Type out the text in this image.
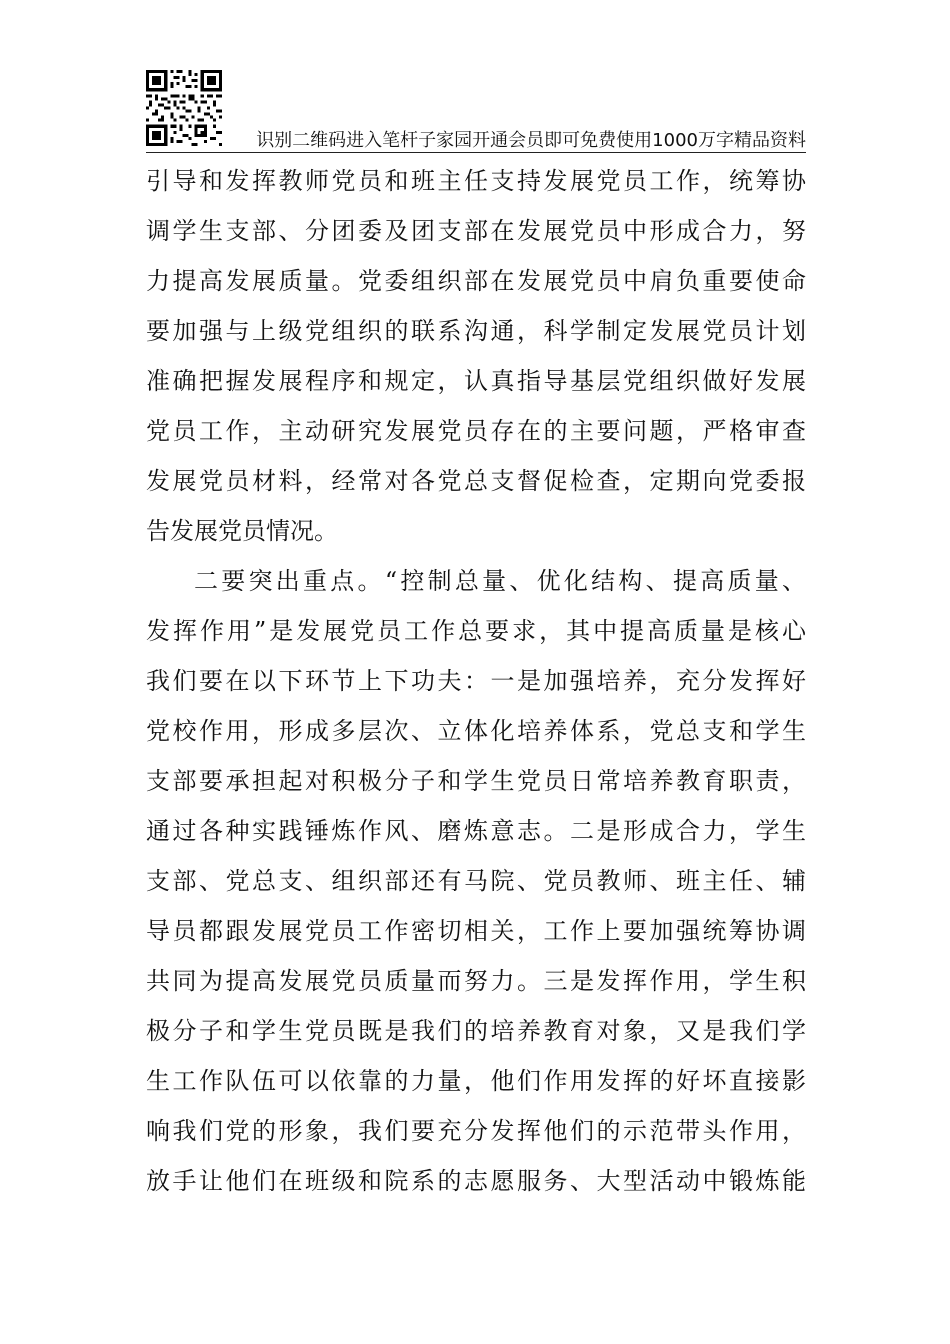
识别二维码进入笔杆子家园开通会员即可免费使用1000万字精品资料
引导和发挥教师党员和班主任支持发展党员工作，统筹协
调学生支部、分团委及团支部在发展党员中形成合力，努
力提高发展质量。党委组织部在发展党员中肩负重要使命
要加强与上级党组织的联系沟通，科学制定发展党员计划
准确把握发展程序和规定，认真指导基层党组织做好发展
党员工作，主动研究发展党员存在的主要问题，严格审查
发展党员材料，经常对各党总支督促检查，定期向党委报
告发展党员情况。
二要突出重点。“控制总量、优化结构、提高质量、
发挥作用”是发展党员工作总要求，其中提高质量是核心
我们要在以下环节上下功夫：一是加强培养，充分发挥好
党校作用，形成多层次、立体化培养体系，党总支和学生
支部要承担起对积极分子和学生党员日常培养教育职责，
通过各种实践锤炼作风、磨炼意志。二是形成合力，学生
支部、党总支、组织部还有马院、党员教师、班主任、辅
导员都跟发展党员工作密切相关，工作上要加强统筹协调
共同为提高发展党员质量而努力。三是发挥作用，学生积
极分子和学生党员既是我们的培养教育对象，又是我们学
生工作队伍可以依靠的力量，他们作用发挥的好坏直接影
响我们党的形象，我们要充分发挥他们的示范带头作用，
放手让他们在班级和院系的志愿服务、大型活动中锻炼能
